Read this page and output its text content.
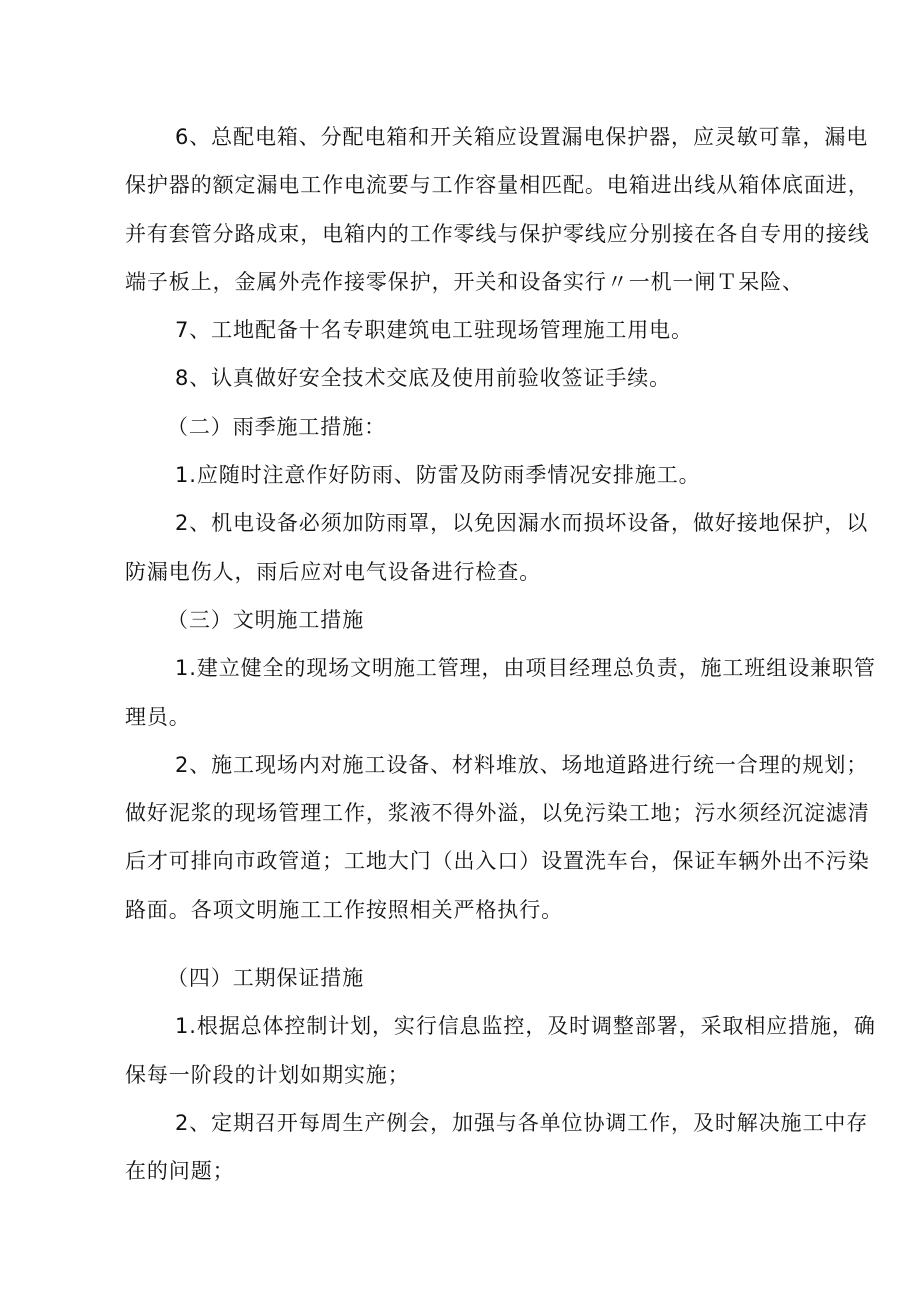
6、总配电箱、分配电箱和开关箱应设置漏电保护器，应灵敏可靠，漏电
保护器的额定漏电工作电流要与工作容量相匹配。电箱进出线从箱体底面进，
并有套管分路成束，电箱内的工作零线与保护零线应分别接在各自专用的接线
端子板上，金属外壳作接零保护，开关和设备实行〃一机一闸Ｔ呆险、

7、工地配备十名专职建筑电工驻现场管理施工用电。

8、认真做好安全技术交底及使用前验收签证手续。

（二）雨季施工措施：

1.应随时注意作好防雨、防雷及防雨季情况安排施工。

2、机电设备必须加防雨罩，以免因漏水而损坏设备，做好接地保护，以
防漏电伤人，雨后应对电气设备进行检查。

（三）文明施工措施

1.建立健全的现场文明施工管理，由项目经理总负责，施工班组设兼职管
理员。

2、施工现场内对施工设备、材料堆放、场地道路进行统一合理的规划；
做好泥浆的现场管理工作，浆液不得外溢，以免污染工地；污水须经沉淀滤清
后才可排向市政管道；工地大门（出入口）设置洗车台，保证车辆外出不污染
路面。各项文明施工工作按照相关严格执行。

（四）工期保证措施

1.根据总体控制计划，实行信息监控，及时调整部署，采取相应措施，确
保每一阶段的计划如期实施；

2、定期召开每周生产例会，加强与各单位协调工作，及时解决施工中存
在的问题；
